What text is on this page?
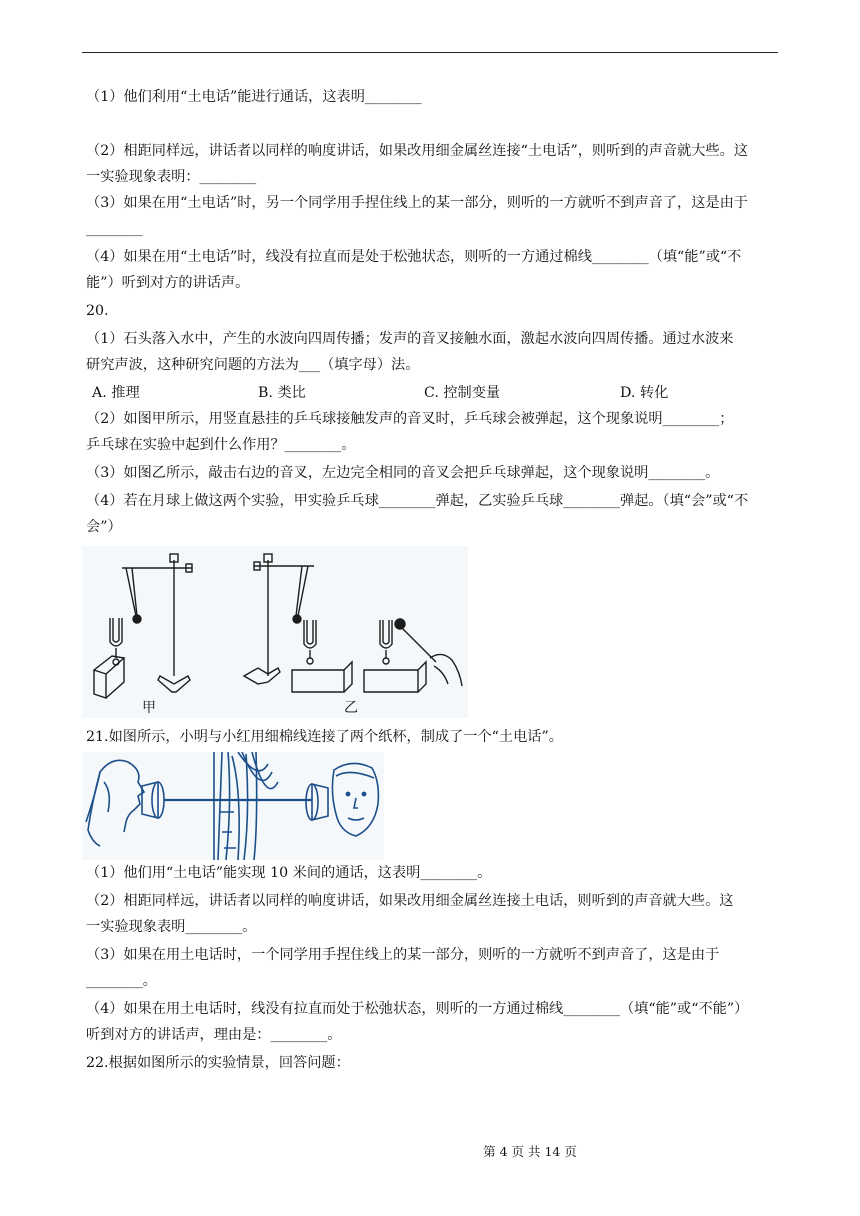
（1）他们利用“土电话”能进行通话，这表明________
（2）相距同样远，讲话者以同样的响度讲话，如果改用细金属丝连接“土电话”，则听到的声音就大些。这
一实验现象表明：________
（3）如果在用“土电话”时，另一个同学用手捏住线上的某一部分，则听的一方就听不到声音了，这是由于
________
（4）如果在用“土电话”时，线没有拉直而是处于松弛状态，则听的一方通过棉线________（填“能”或“不
能”）听到对方的讲话声。
20.
（1）石头落入水中，产生的水波向四周传播；发声的音叉接触水面，激起水波向四周传播。通过水波来
研究声波，这种研究问题的方法为___（填字母）法。
A. 推理	B. 类比	C. 控制变量	D. 转化
（2）如图甲所示，用竖直悬挂的乒乓球接触发声的音叉时，乒乓球会被弹起，这个现象说明________；
乒乓球在实验中起到什么作用？________。
（3）如图乙所示，敲击右边的音叉，左边完全相同的音叉会把乒乓球弹起，这个现象说明________。
（4）若在月球上做这两个实验，甲实验乒乓球________弹起，乙实验乒乓球________弹起。（填“会”或“不
会”）
甲	乙
21.如图所示，小明与小红用细棉线连接了两个纸杯，制成了一个“土电话”。
（1）他们用“土电话”能实现 10 米间的通话，这表明________。
（2）相距同样远，讲话者以同样的响度讲话，如果改用细金属丝连接土电话，则听到的声音就大些。这
一实验现象表明________。
（3）如果在用土电话时，一个同学用手捏住线上的某一部分，则听的一方就听不到声音了，这是由于
________。
（4）如果在用土电话时，线没有拉直而处于松弛状态，则听的一方通过棉线________（填“能”或“不能”）
听到对方的讲话声，理由是：________。
22.根据如图所示的实验情景，回答问题：
第 4 页 共 14 页
